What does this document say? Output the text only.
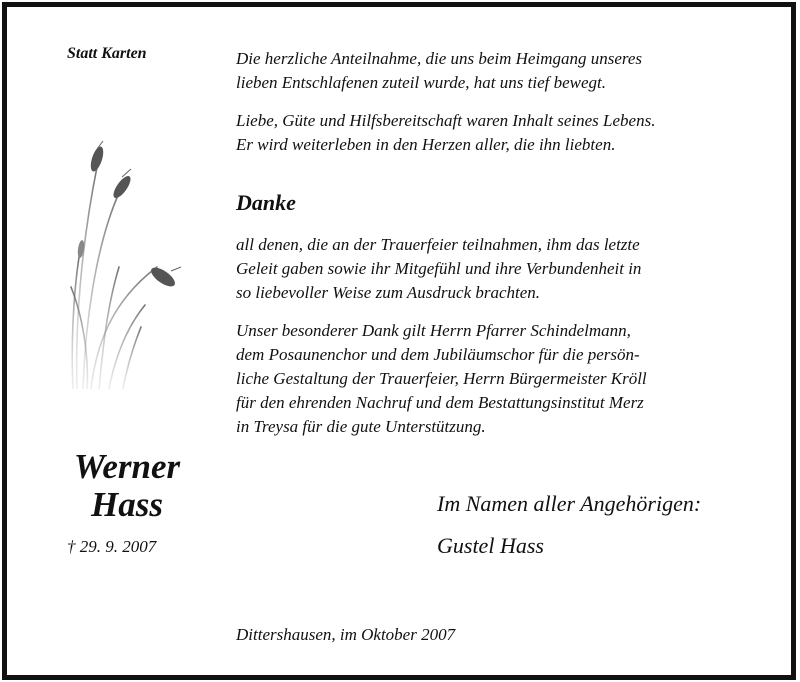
Statt Karten	Die herzliche Anteilnahme, die uns beim Heimgang unseres
lieben Entschlafenen zuteil wurde, hat uns tief bewegt.

Liebe, Güte und Hilfsbereitschaft waren Inhalt seines Lebens.
Er wird weiterleben in den Herzen aller, die ihn liebten.

Danke

all denen, die an der Trauerfeier teilnahmen, ihm das letzte
Geleit gaben sowie ihr Mitgefühl und ihre Verbundenheit in
so liebevoller Weise zum Ausdruck brachten.

Unser besonderer Dank gilt Herrn Pfarrer Schindelmann,
dem Posaunenchor und dem Jubiläumschor für die persön-
liche Gestaltung der Trauerfeier, Herrn Bürgermeister Kröll
für den ehrenden Nachruf und dem Bestattungsinstitut Merz
in Treysa für die gute Unterstützung.

Werner
Hass
† 29. 9. 2007
Im Namen aller Angehörigen:
Gustel Hass
Dittershausen, im Oktober 2007
